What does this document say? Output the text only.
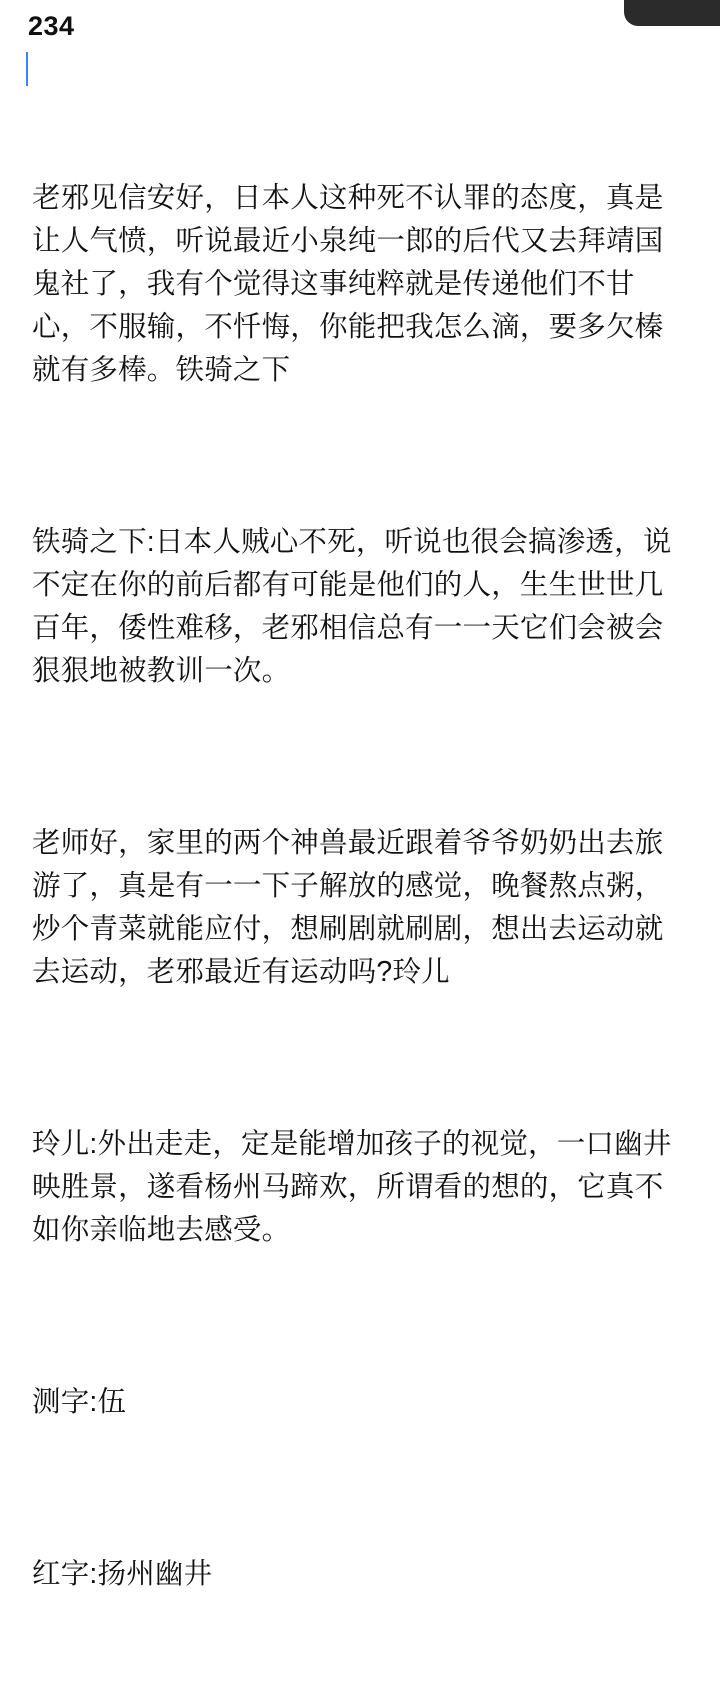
234

老邪见信安好，日本人这种死不认罪的态度，真是让人气愤，听说最近小泉纯一郎的后代又去拜靖国鬼社了，我有个觉得这事纯粹就是传递他们不甘心，不服输，不忏悔，你能把我怎么滴，要多欠榛就有多棒。铁骑之下

铁骑之下:日本人贼心不死，听说也很会搞渗透，说不定在你的前后都有可能是他们的人，生生世世几百年，倭性难移，老邪相信总有一一天它们会被会狠狠地被教训一次。

老师好，家里的两个神兽最近跟着爷爷奶奶出去旅游了，真是有一一下子解放的感觉，晚餐熬点粥，炒个青菜就能应付，想刷剧就刷剧，想出去运动就去运动，老邪最近有运动吗?玲儿

玲儿:外出走走，定是能增加孩子的视觉，一口幽井映胜景，遂看杨州马蹄欢，所谓看的想的，它真不如你亲临地去感受。

测字:伍

红字:扬州幽井
